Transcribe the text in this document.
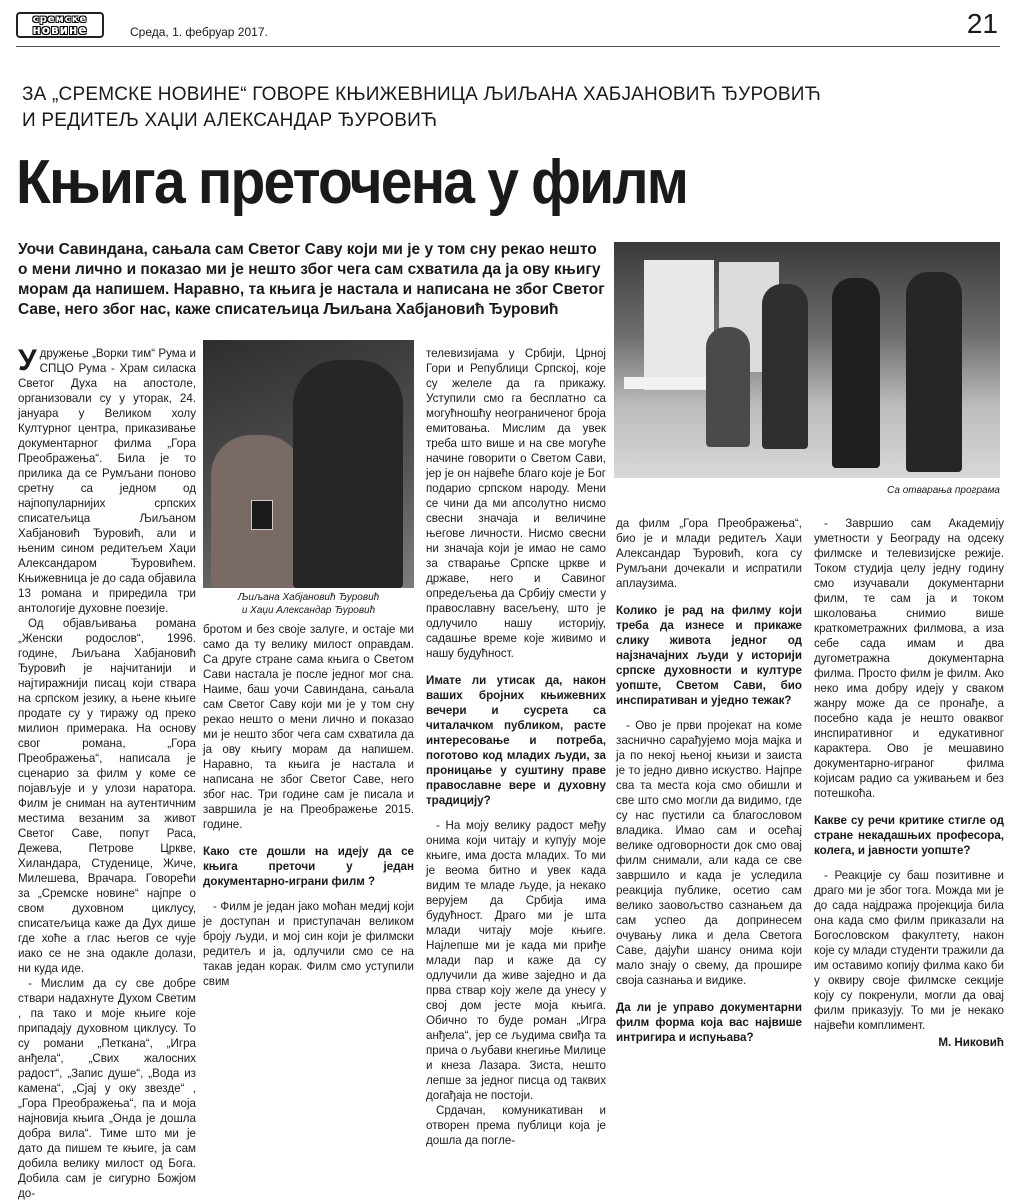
сремске
новине	Среда, 1. фебруар 2017.	21
ЗА „СРЕМСКЕ НОВИНЕ“ ГОВОРЕ КЊИЖЕВНИЦА ЉИЉАНА ХАБЈАНОВИЋ ЂУРОВИЋ
И РЕДИТЕЉ ХАЏИ АЛЕКСАНДАР ЂУРОВИЋ
Књига преточена у филм
Уочи Савиндана, сањала сам Светог Саву који ми је у том сну рекао нешто о мени лично и показао ми је нешто због чега сам схватила да ја ову књигу морам да напишем. Наравно, та књига је настала и написана не због Светог Саве, него због нас, каже списатељица Љиљана Хабјановић Ђуровић
Са отварања програма
Љиљана Хабјановић Ђуровић
и Хаџи Александар Ђуровић

Удружење „Ворки тим“ Рума и СПЦО Рума - Храм силаска Светог Духа на апостоле, организовали су у уторак, 24. јануара у Великом холу Културног центра, приказивање документарног филма „Гора Преображења“. Била је то прилика да се Румљани поново сретну са једном од најпопуларнијих српских списатељица Љиљаном Хабјановић Ђуровић, али и њеним сином редитељем Хаџи Александаром Ђуровићем. Књижевница је до сада објавила 13 романа и приредила три антологије духовне поезије.

Од објављивања романа „Женски родослов“, 1996. године, Љиљана Хабјановић Ђуровић је најчитанији и најтиражнији писац који ствара на српском језику, а њене књиге продате су у тиражу од преко милион примерака. На основу свог романа, „Гора Преображења“, написала је сценарио за филм у коме се појављује и у улози наратора. Филм је сниман на аутентичним местима везаним за живот Светог Саве, попут Раса, Дежева, Петрове Цркве, Хиландара, Студенице, Жиче, Милешева, Врачара. Говорећи за „Сремске новине“ најпре о свом духовном циклусу, списатељица каже да Дух дише где хоће а глас његов се чује иако се не зна одакле долази, ни куда иде.

- Мислим да су све добре ствари надахнуте Духом Светим , па тако и моје књиге које припадају духовном циклусу. То су романи „Петкана“, „Игра анђела“, „Свих жалосних радост“, „Запис душе“, „Вода из камена“, „Сјај у оку звезде“ ,„Гора Преображења“, па и моја најновија књига „Онда је дошла добра вила“. Тиме што ми је дато да пишем те књиге, ја сам добила велику милост од Бога. Добила сам је сигурно Божјом до-

бротом и без своје залуге, и остаје ми само да ту велику милост оправдам. Са друге стране сама књига о Светом Сави настала је после једног мог сна. Наиме, баш уочи Савиндана, сањала сам Светог Саву који ми је у том сну рекао нешто о мени лично и показао ми је нешто због чега сам схватила да ја ову књигу морам да напишем. Наравно, та књига је настала и написана не због Светог Саве, него због нас. Три године сам је писала и завршила је на Преображење 2015. године.

Како сте дошли на идеју да се књига преточи у један документарно-играни филм ?

- Филм је један јако моћан медиј који је доступан и приступачан великом броју људи, и мој син који је филмски редитељ и ја, одлучили смо се на такав један корак. Филм смо уступили свим

телевизијама у Србији, Црној Гори и Републици Српској, које су желеле да га прикажу. Уступили смо га бесплатно са могућношћу неограниченог броја емитовања. Мислим да увек треба што више и на све могуће начине говорити о Светом Сави, јер је он највеће благо које је Бог подарио српском народу. Мени се чини да ми апсолутно нисмо свесни значаја и величине његове личности. Нисмо свесни ни значаја који је имао не само за стварање Српске цркве и државе, него и Савиног опредељења да Србију смести у православну васељену, што је одлучило нашу историју, садашње време које живимо и нашу будућност.

Имате ли утисак да, након ваших бројних књижевних вечери и сусрета са читалачком публиком, расте интересовање и потреба, поготово код младих људи, за проницање у суштину праве православне вере и духовну традицију?

- На моју велику радост међу онима који читају и купују моје књиге, има доста младих. То ми је веома битно и увек када видим те младе људе, ја некако верујем да Србија има будућност. Драго ми је шта млади читају моје књиге. Најлепше ми је када ми приђе млади пар и каже да су одлучили да живе заједно и да прва ствар коју желе да унесу у свој дом јесте моја књига. Обично то буде роман „Игра анђела“, јер се људима свиђа та прича о љубави кнегиње Милице и кнеза Лазара. Зиста, нешто лепше за једног писца од таквих догађаја не постоји.

Срдачан, комуникативан и отворен према публици која је дошла да погле-

да филм „Гора Преображења“, био је и млади редитељ Хаџи Александар Ђуровић, кога су Румљани дочекали и испратили аплаузима.

Колико је рад на филму који треба да изнесе и прикаже слику живота једног од најзначајних људи у историји српске духовности и културе уопште, Светом Сави, био инспиративан и уједно тежак?

- Ово је први пројекат на коме заснично сарађујемо моја мајка и ја по некој њеној књизи и заиста је то једно дивно искуство. Најпре сва та места која смо обишли и све што смо могли да видимо, где су нас пустили са благословом владика. Имао сам и осећај велике одговорности док смо овај филм снимали, али када се све завршило и када је уследила реакција публике, осетио сам велико заовољство сазнањем да сам успео да допринесем очувању лика и дела Светога Саве, дајући шансу онима који мало знају о свему, да прошире своја сазнања и видике.

Да ли је управо документарни филм форма која вас највише интригира и испуњава?

- Завршио сам Академију уметности у Београду на одсеку филмске и телевизијске режије. Током студија целу једну годину смо изучавали документарни филм, те сам ја и током школовања снимио више краткометражних филмова, а иза себе сада имам и два дугометражна документарна филма. Просто филм је филм. Ако неко има добру идеју у сваком жанру може да се пронађе, а посебно када је нешто оваквог инспиративног и едукативног карактера. Ово је мешавино документарно-игранoг филма којисам радио са уживањем и без потешкоћа.

Какве су речи критике стигле од стране некадашњих професора, колега, и јавности уопште?

- Реакције су баш позитивне и драго ми је због тога. Можда ми је до сада најдража пројекција била она када смо филм приказали на Богословском факултету, након које су млади студенти тражили да им оставимо копију филма како би у оквиру своје филмске секције коју су покренули, могли да овај филм приказују. То ми је некако највећи комплимент.

М. Никовић
